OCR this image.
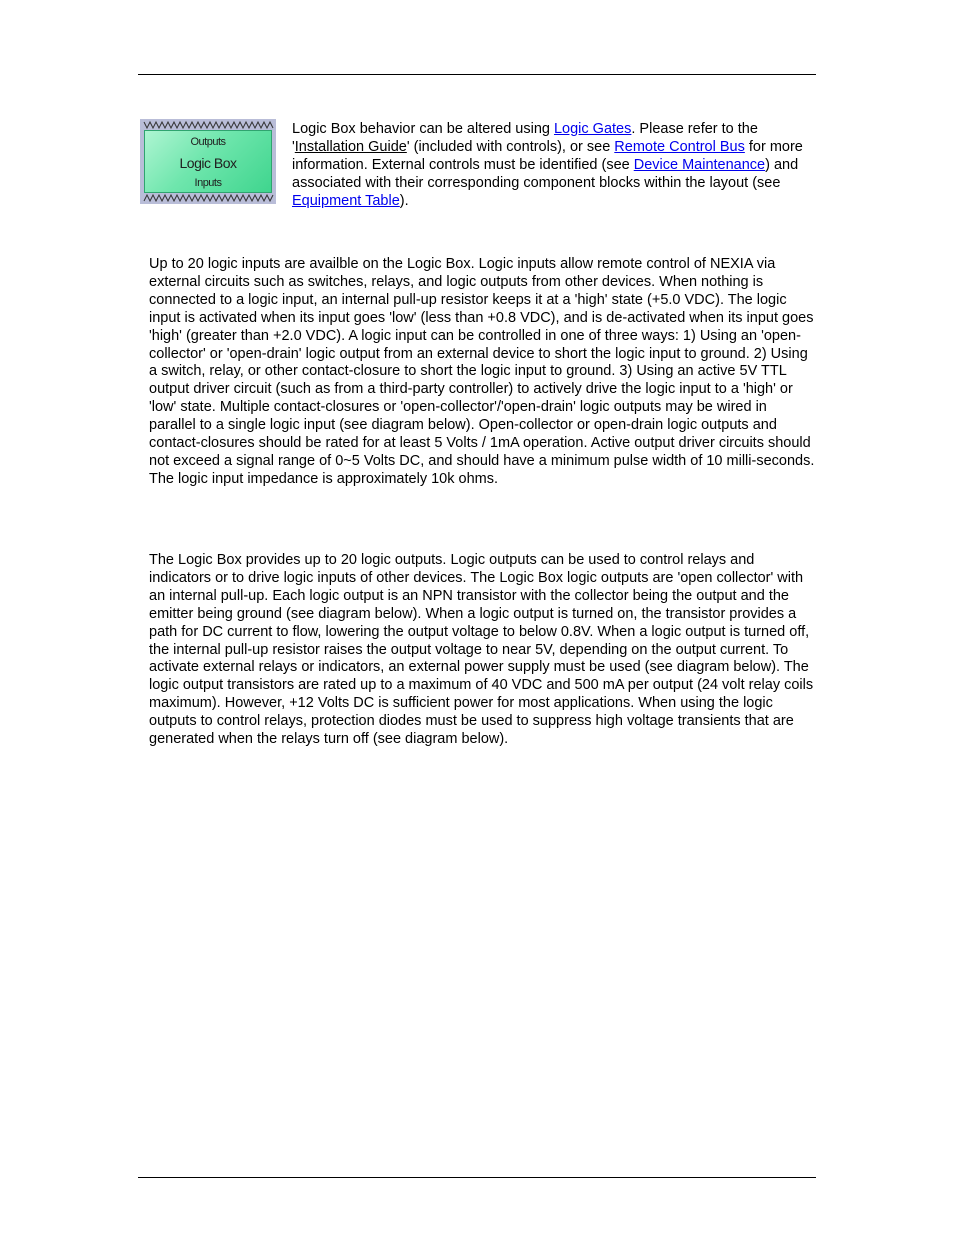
Outputs
Logic Box
Inputs

Logic Box behavior can be altered using Logic Gates. Please refer to the 'Installation Guide' (included with controls), or see Remote Control Bus for more information. External controls must be identified (see Device Maintenance) and associated with their corresponding component blocks within the layout (see Equipment Table).

Up to 20 logic inputs are availble on the Logic Box. Logic inputs allow remote control of NEXIA via external circuits such as switches, relays, and logic outputs from other devices. When nothing is connected to a logic input, an internal pull-up resistor keeps it at a 'high' state (+5.0 VDC). The logic input is activated when its input goes 'low' (less than +0.8 VDC), and is de-activated when its input goes 'high' (greater than +2.0 VDC). A logic input can be controlled in one of three ways: 1) Using an 'open-collector' or 'open-drain' logic output from an external device to short the logic input to ground. 2) Using a switch, relay, or other contact-closure to short the logic input to ground. 3) Using an active 5V TTL output driver circuit (such as from a third-party controller) to actively drive the logic input to a 'high' or 'low' state. Multiple contact-closures or 'open-collector'/'open-drain' logic outputs may be wired in parallel to a single logic input (see diagram below). Open-collector or open-drain logic outputs and contact-closures should be rated for at least 5 Volts / 1mA operation. Active output driver circuits should not exceed a signal range of 0~5 Volts DC, and should have a minimum pulse width of 10 milli-seconds. The logic input impedance is approximately 10k ohms.

The Logic Box provides up to 20 logic outputs. Logic outputs can be used to control relays and indicators or to drive logic inputs of other devices. The Logic Box logic outputs are 'open collector' with an internal pull-up. Each logic output is an NPN transistor with the collector being the output and the emitter being ground (see diagram below). When a logic output is turned on, the transistor provides a path for DC current to flow, lowering the output voltage to below 0.8V. When a logic output is turned off, the internal pull-up resistor raises the output voltage to near 5V, depending on the output current. To activate external relays or indicators, an external power supply must be used (see diagram below). The logic output transistors are rated up to a maximum of 40 VDC and 500 mA per output (24 volt relay coils maximum). However, +12 Volts DC is sufficient power for most applications. When using the logic outputs to control relays, protection diodes must be used to suppress high voltage transients that are generated when the relays turn off (see diagram below).
